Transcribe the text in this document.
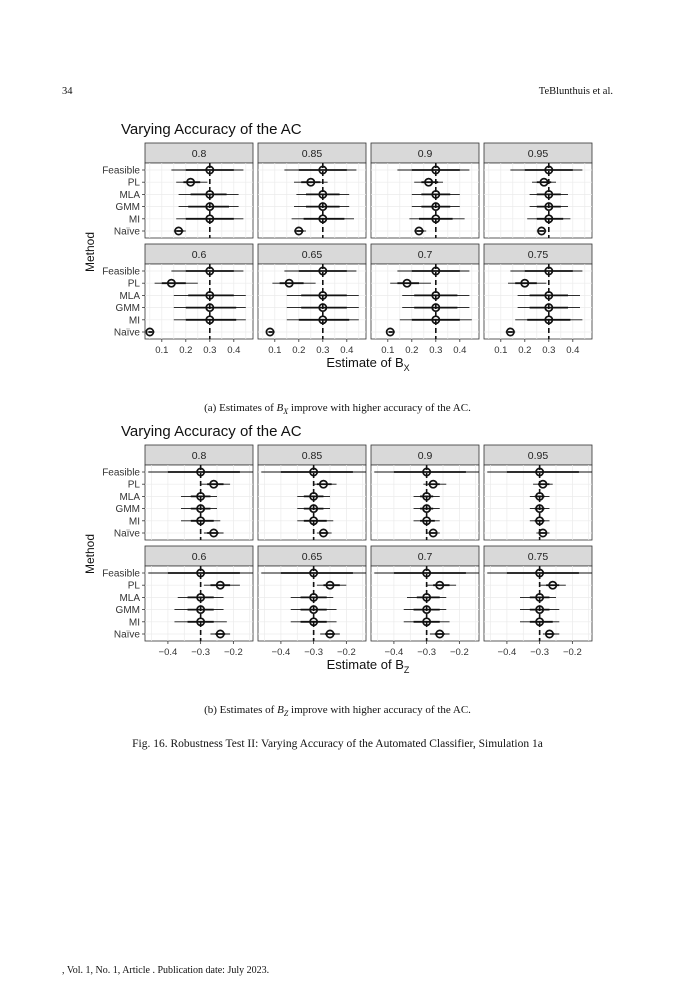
34	TeBlunthuis et al.
Varying Accuracy of the AC
Method
0.8	0.85	0.9	0.95
0.6
0.1 0.2 0.3 0.4
0.65
0.1 0.2 0.3 0.4
0.7
0.1 0.2 0.3 0.4
0.75
0.1 0.2 0.3 0.4
Feasible
PL
MLA
GMM
MI
Naïve
Feasible
PL
MLA
GMM
MI
Naïve
Estimate of $B_X$
(a) Estimates of $B_X$ improve with higher accuracy of the AC.
Varying Accuracy of the AC
Method
0.8	0.85	0.9	0.95
0.6
−0.4 −0.3 −0.2
0.65
−0.4 −0.3 −0.2
0.7
−0.4 −0.3 −0.2
0.75
−0.4 −0.3 −0.2
Feasible
PL
MLA
GMM
MI
Naïve
Feasible
PL
MLA
GMM
MI
Naïve
Estimate of $B_Z$
(b) Estimates of $B_Z$ improve with higher accuracy of the AC.
Fig. 16. Robustness Test II: Varying Accuracy of the Automated Classifier, Simulation 1a
, Vol. 1, No. 1, Article . Publication date: July 2023.
